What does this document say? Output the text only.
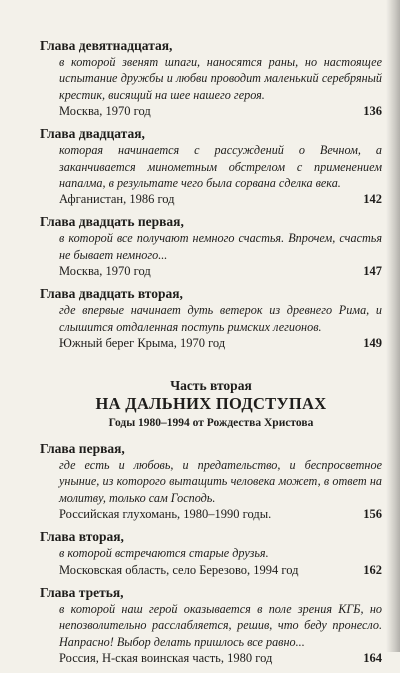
Глава девятнадцатая,
в которой звенят шпаги, наносятся раны, но настоящее испытание дружбы и любви проводит маленький серебряный крестик, висящий на шее нашего героя.
Москва, 1970 год	136
Глава двадцатая,
которая начинается с рассуждений о Вечном, а заканчивается минометным обстрелом с применением напалма, в результате чего была сорвана сделка века.
Афганистан, 1986 год	142
Глава двадцать первая,
в которой все получают немного счастья. Впрочем, счастья не бывает немного...
Москва, 1970 год	147
Глава двадцать вторая,
где впервые начинает дуть ветерок из древнего Рима, и слышится отдаленная поступь римских легионов.
Южный берег Крыма, 1970 год	149
Часть вторая
НА ДАЛЬНИХ ПОДСТУПАХ
Годы 1980–1994 от Рождества Христова
Глава первая,
где есть и любовь, и предательство, и беспросветное уныние, из которого вытащить человека может, в ответ на молитву, только сам Господь.
Российская глухомань, 1980–1990 годы.	156
Глава вторая,
в которой встречаются старые друзья.
Московская область, село Березово, 1994 год	162
Глава третья,
в которой наш герой оказывается в поле зрения КГБ, но непозволительно расслабляется, решив, что беду пронесло. Напрасно! Выбор делать пришлось все равно...
Россия, Н-ская воинская часть, 1980 год	164
